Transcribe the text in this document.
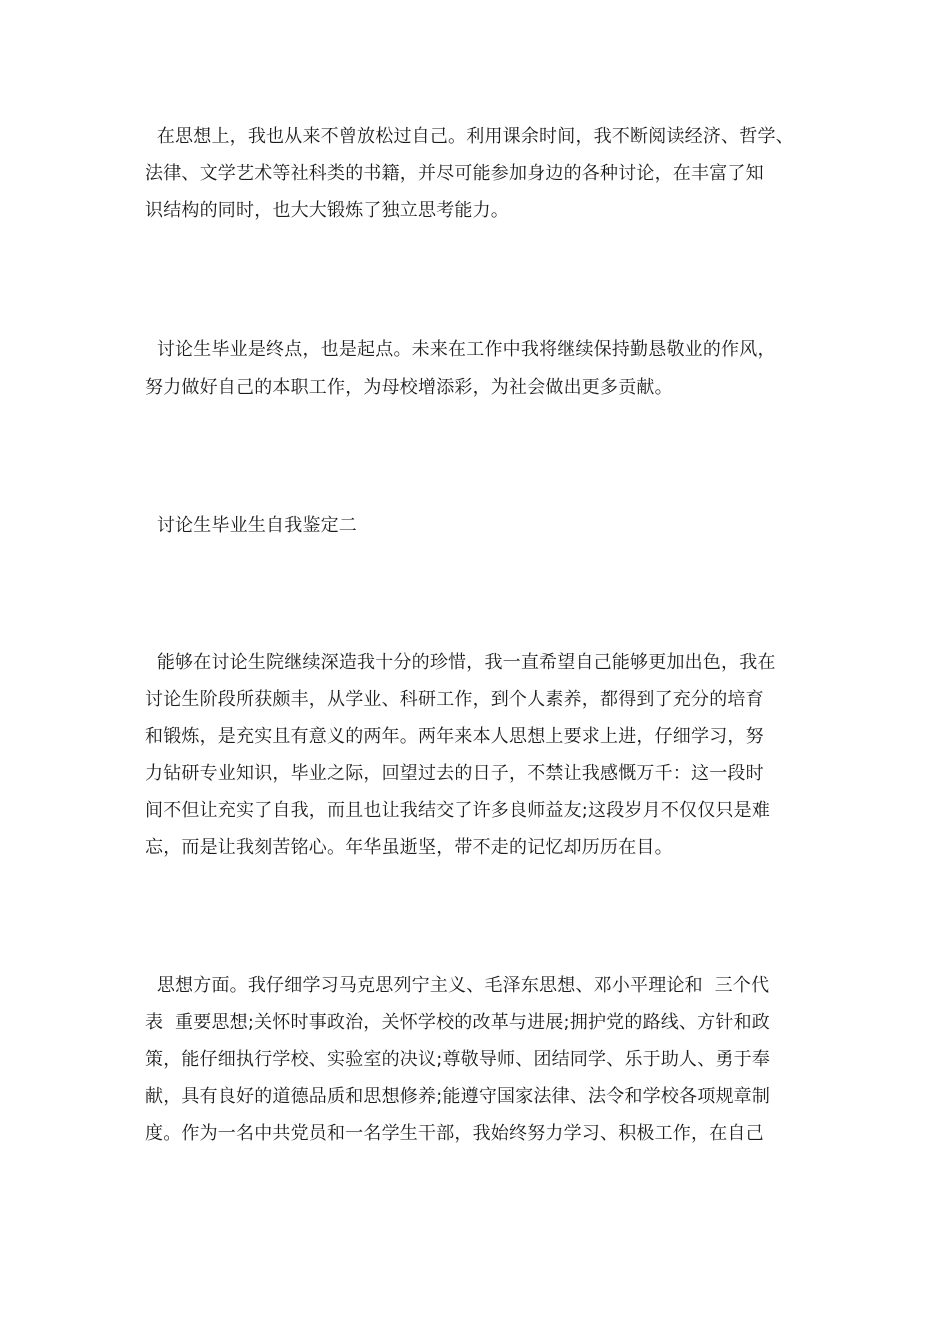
在思想上，我也从来不曾放松过自己。利用课余时间，我不断阅读经济、哲学、
法律、文学艺术等社科类的书籍，并尽可能参加身边的各种讨论，在丰富了知
识结构的同时，也大大锻炼了独立思考能力。
讨论生毕业是终点，也是起点。未来在工作中我将继续保持勤恳敬业的作风，
努力做好自己的本职工作，为母校增添彩，为社会做出更多贡献。
讨论生毕业生自我鉴定二
能够在讨论生院继续深造我十分的珍惜，我一直希望自己能够更加出色，我在
讨论生阶段所获颇丰，从学业、科研工作，到个人素养，都得到了充分的培育
和锻炼，是充实且有意义的两年。两年来本人思想上要求上进，仔细学习，努
力钻研专业知识，毕业之际，回望过去的日子，不禁让我感慨万千：这一段时
间不但让充实了自我，而且也让我结交了许多良师益友;这段岁月不仅仅只是难
忘，而是让我刻苦铭心。年华虽逝坚，带不走的记忆却历历在目。
思想方面。我仔细学习马克思列宁主义、毛泽东思想、邓小平理论和  三个代
表  重要思想;关怀时事政治，关怀学校的改革与进展;拥护党的路线、方针和政
策，能仔细执行学校、实验室的决议;尊敬导师、团结同学、乐于助人、勇于奉
献，具有良好的道德品质和思想修养;能遵守国家法律、法令和学校各项规章制
度。作为一名中共党员和一名学生干部，我始终努力学习、积极工作，在自己
